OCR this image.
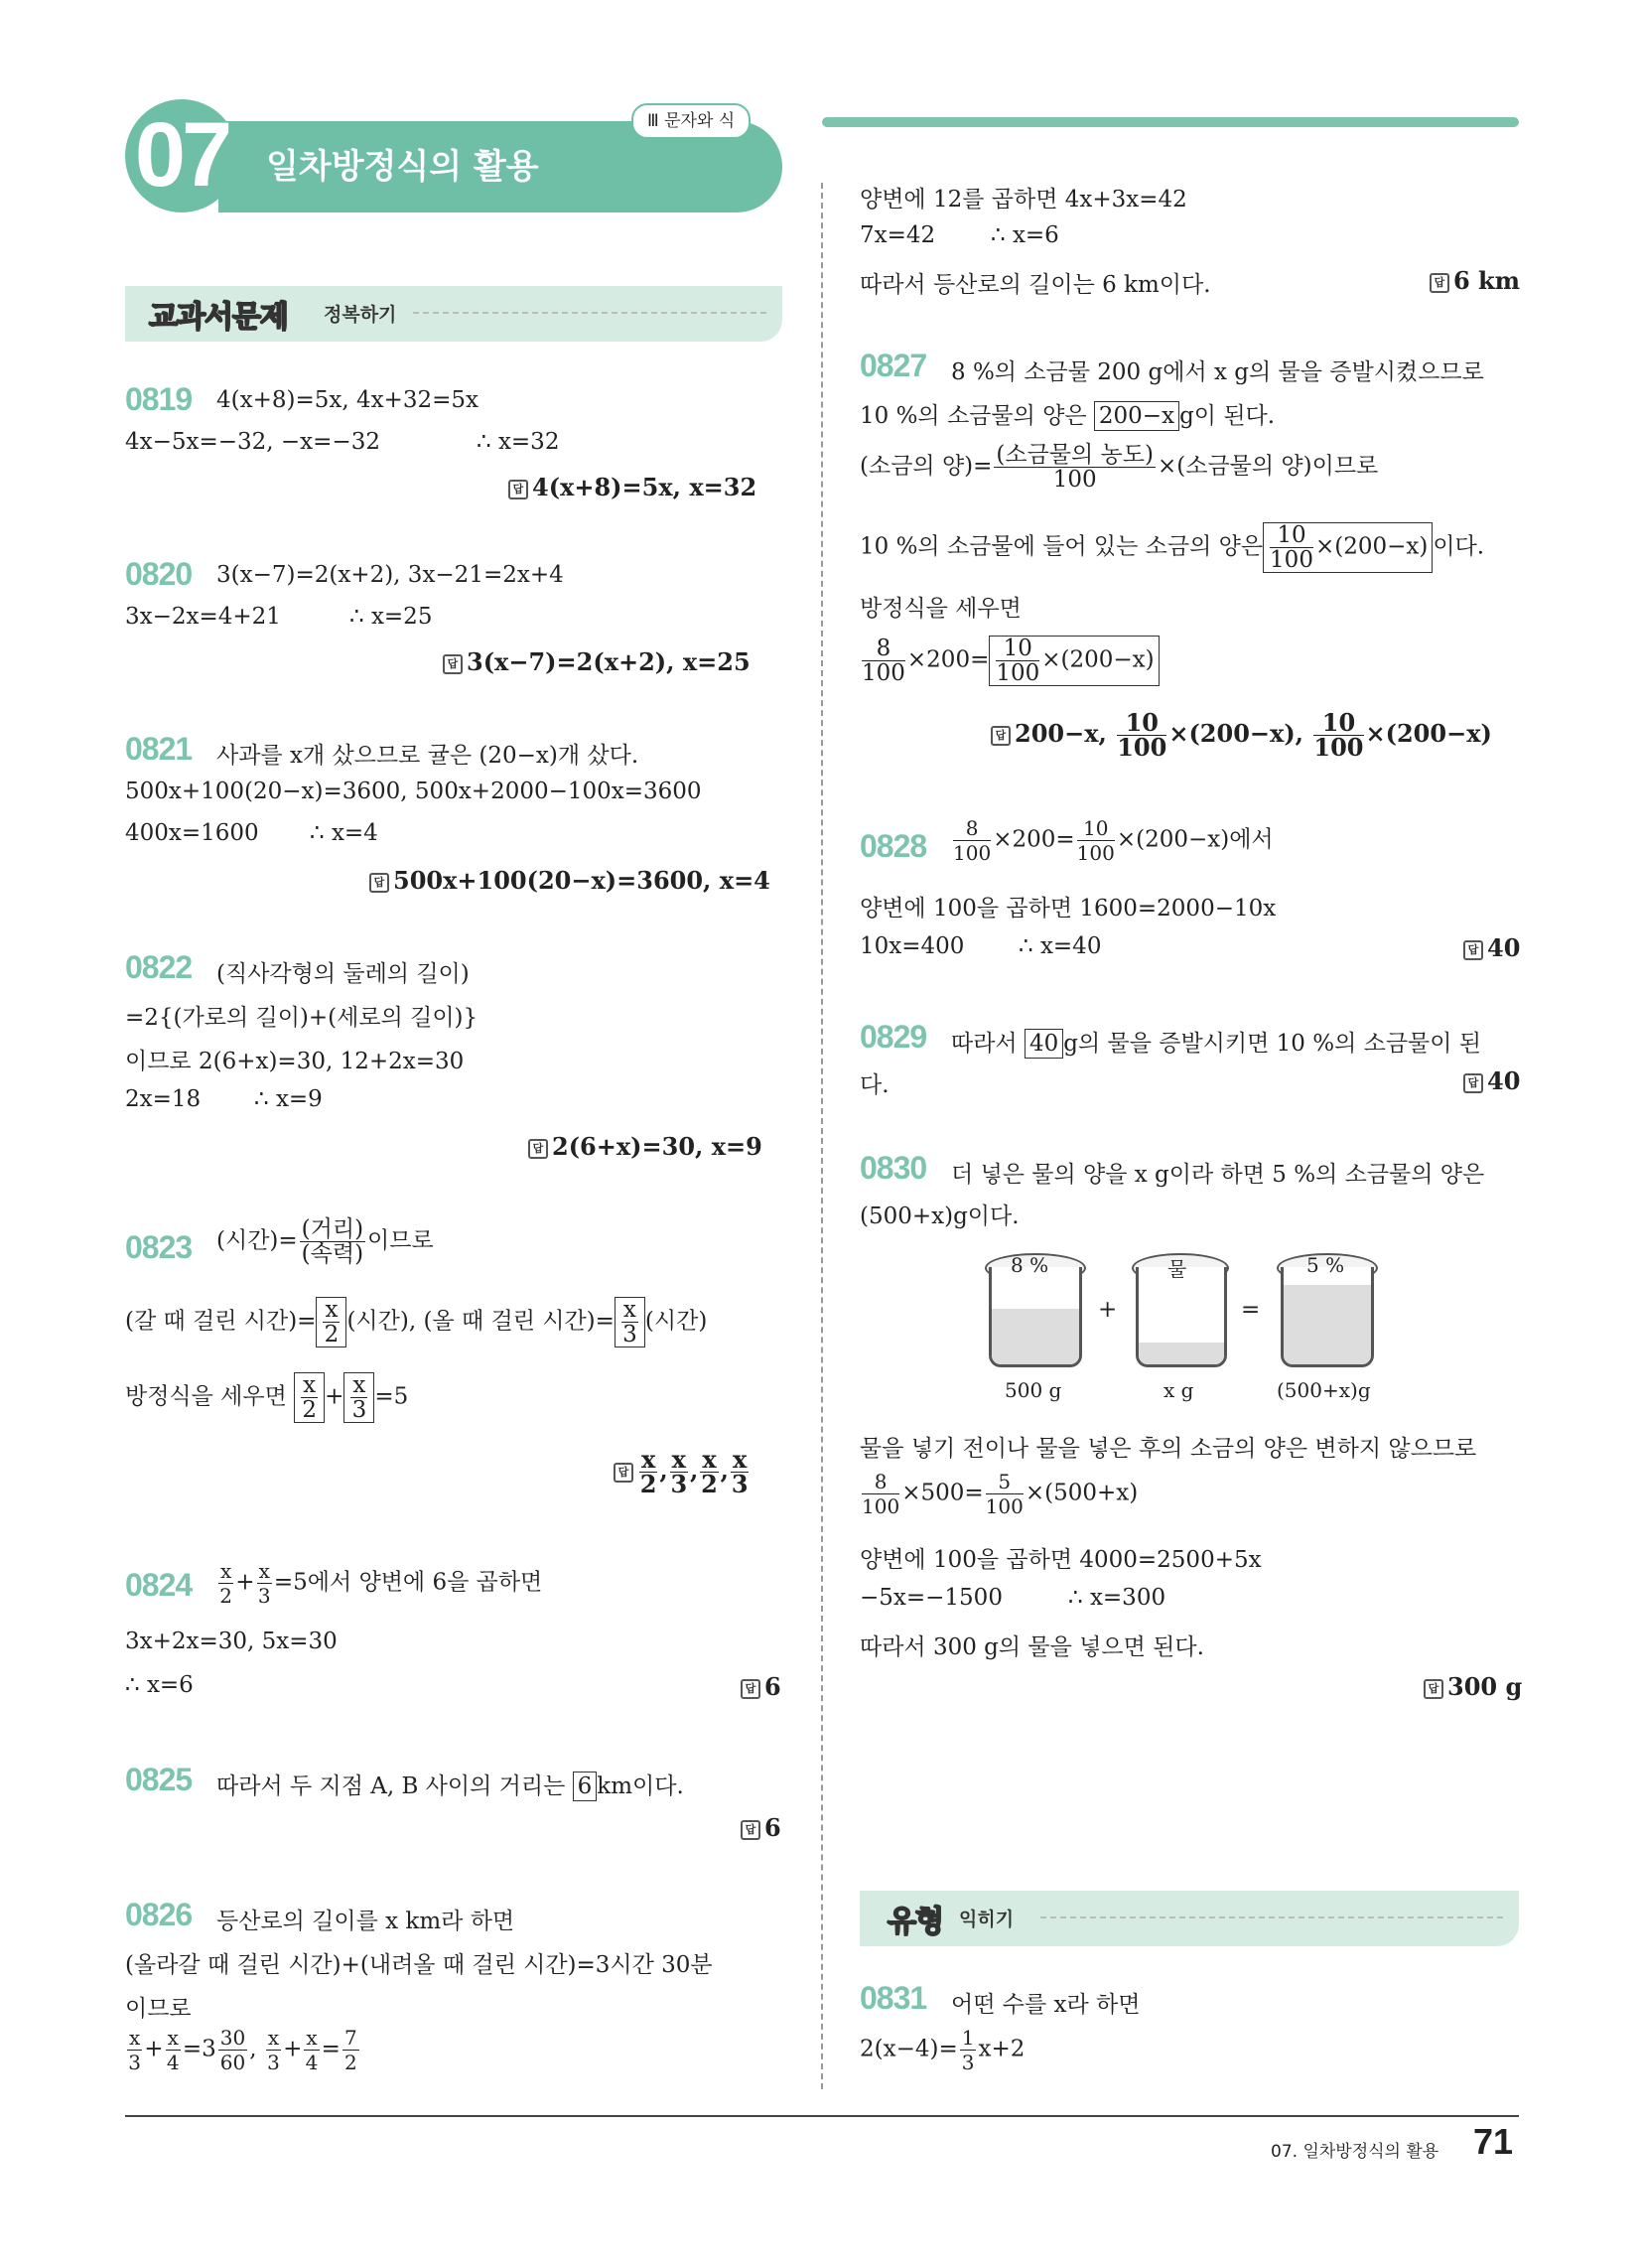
07 일차방정식의 활용
Ⅲ 문자와 식
교과서문제 정복하기
0819 4(x+8)=5x, 4x+32=5x
4x−5x=−32, −x=−32	∴ x=32
답 4(x+8)=5x, x=32
0820 3(x−7)=2(x+2), 3x−21=2x+4
3x−2x=4+21	∴ x=25
답 3(x−7)=2(x+2), x=25
0821 사과를 x개 샀으므로 귤은 (20−x)개 샀다.
500x+100(20−x)=3600, 500x+2000−100x=3600
400x=1600 ∴ x=4
답 500x+100(20−x)=3600, x=4
0822 (직사각형의 둘레의 길이)
=2{(가로의 길이)+(세로의 길이)}
이므로 2(6+x)=30, 12+2x=30
2x=18 ∴ x=9
답 2(6+x)=30, x=9
0823 (시간)= $\frac{\text{(거리)}}{\text{(속력)}}$ 이므로
(갈 때 걸린 시간)= $\frac{x}{2}$ (시간), (올 때 걸린 시간)= $\frac{x}{3}$ (시간)
방정식을 세우면 $\frac{x}{2} + \frac{x}{3} =5$
답 $\frac{x}{2}$ , $\frac{x}{3}$ , $\frac{x}{2}$ , $\frac{x}{3}$
$0824 \frac{x}{2} + \frac{x}{3} =5$에서 양변에 6을 곱하면
3x+2x=30, 5x=30
∴ x=6	답 6
0825 따라서 두 지점 A, B 사이의 거리는 6 km이다.
답 6
0826 등산로의 길이를 x km라 하면
(올라갈 때 걸린 시간)+(내려올 때 걸린 시간)=3시간 30분
이므로
$\frac{x}{3} + \frac{x}{4} =3 \frac{30}{60}$ , $\frac{x}{3} + \frac{x}{4} = \frac{7}{2}$
양변에 12를 곱하면 4x+3x=42
7x=42 ∴ x=6
따라서 등산로의 길이는 6 km이다.	답 6 km
0827 8 %의 소금물 200 g에서 x g의 물을 증발시켰으므로
10 %의 소금물의 양은 200−x g이 된다.
(소금의 양)= $\frac{\text{(소금물의 농도)}}{100}$ ×(소금물의 양)이므로
10 %의 소금물에 들어 있는 소금의 양은 $\frac{10}{100} \times(200-x)$ 이다.
방정식을 세우면
$\frac{8}{100} \times 200= \frac{10}{100} \times(200-x)$
답 200−x, $\frac{10}{100} \times(200-x)$, $\frac{10}{100} \times(200-x)$
$0828 \frac{8}{100} \times 200= \frac{10}{100} \times(200-x)$에서
양변에 100을 곱하면 1600=2000−10x
10x=400 ∴ x=40	답 40
0829 따라서 40 g의 물을 증발시키면 10 %의 소금물이 된
다.	답 40
0830 더 넣은 물의 양을 x g이라 하면 5 %의 소금물의 양은
(500+x)g이다.
8 %
500 g
+
물
x g
=
5 %
(500+x)g
물을 넣기 전이나 물을 넣은 후의 소금의 양은 변하지 않으므로
$\frac{8}{100} \times 500= \frac{5}{100} \times(500+x)$
양변에 100을 곱하면 4000=2500+5x
−5x=−1500	∴ x=300
따라서 300 g의 물을 넣으면 된다.
답 300 g
유형 익히기
0831 어떤 수를 x라 하면
$2(x-4)= \frac{1}{3} x+2$
07. 일차방정식의 활용 71
